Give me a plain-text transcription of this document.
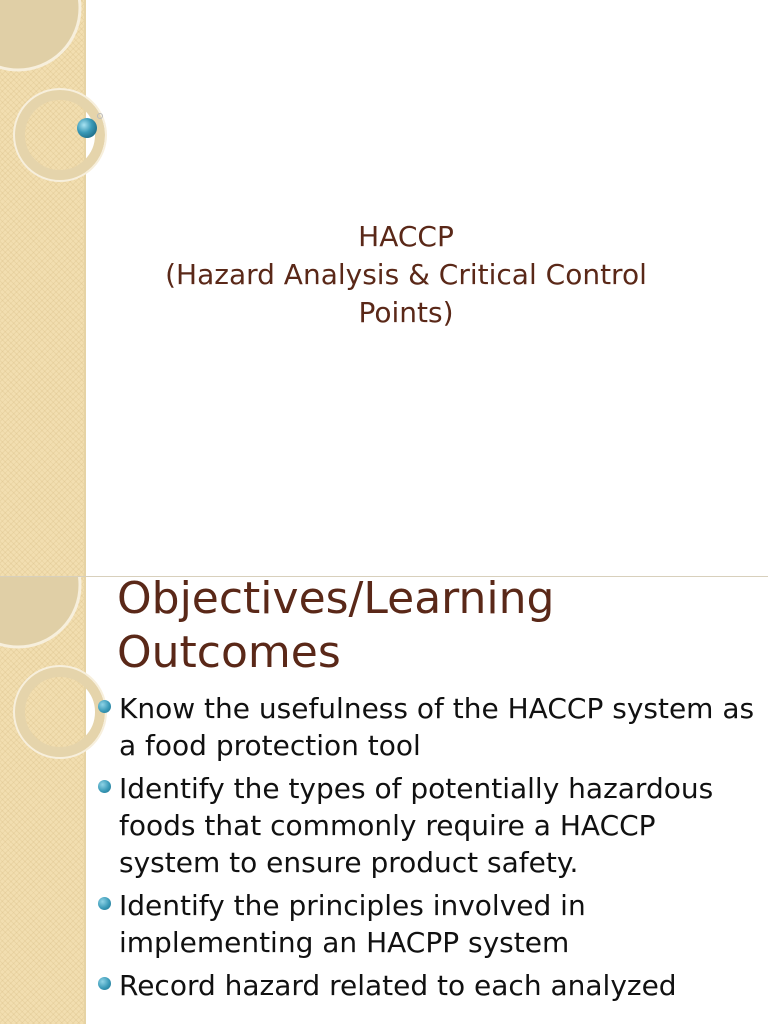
HACCP
(Hazard Analysis & Critical Control
Points)
Objectives/Learning Outcomes
Know the usefulness of the HACCP system as a food protection tool
Identify the types of potentially hazardous foods that commonly require a HACCP system to ensure product safety.
Identify the principles involved in implementing an HACPP system
Record hazard related to each analyzed
